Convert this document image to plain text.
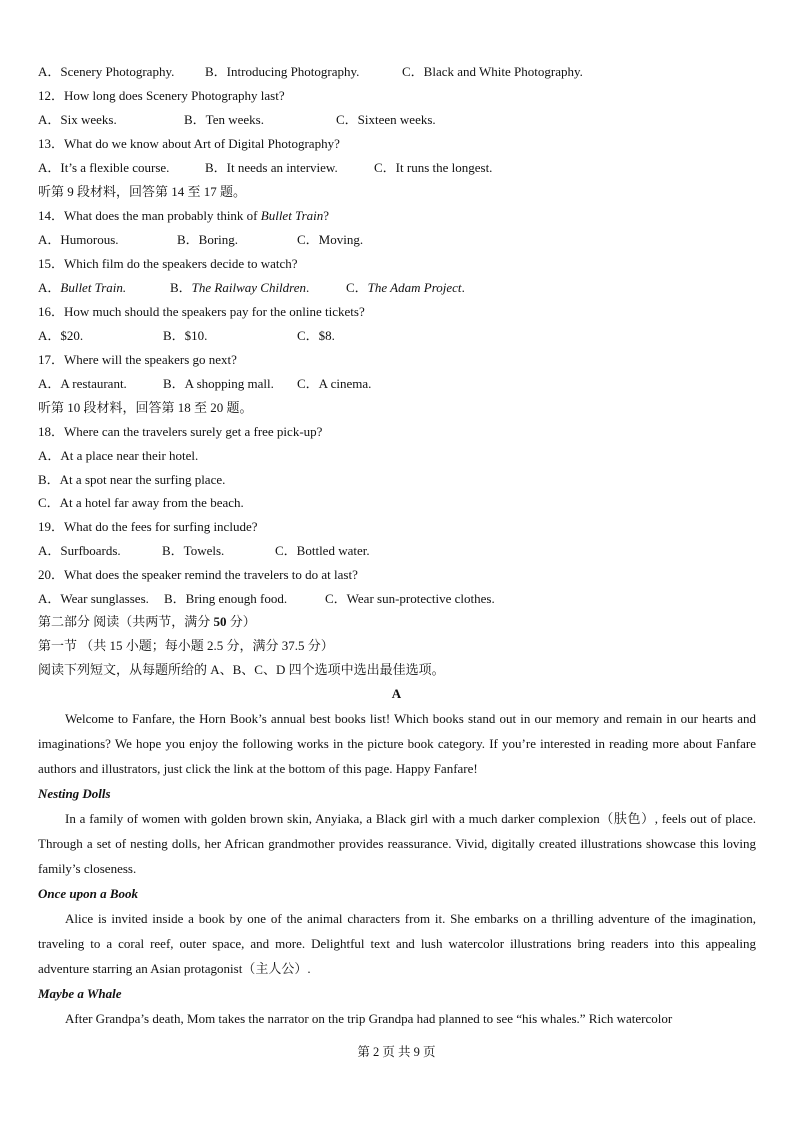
A．Scenery Photography. B．Introducing Photography.	C．Black and White Photography.
12．How long does Scenery Photography last?
A．Six weeks.	B．Ten weeks.	C．Sixteen weeks.
13．What do we know about Art of Digital Photography?
A．It’s a flexible course.	B．It needs an interview.	C．It runs the longest.
听第 9 段材料，回答第 14 至 17 题。
14．What does the man probably think of Bullet Train?
A．Humorous.	B．Boring.	C．Moving.
15．Which film do the speakers decide to watch?
A．Bullet Train.	B．The Railway Children.	C．The Adam Project.
16．How much should the speakers pay for the online tickets?
A．$20.	B．$10.	C．$8.
17．Where will the speakers go next?
A．A restaurant.	B．A shopping mall. C．A cinema.
听第 10 段材料，回答第 18 至 20 题。
18．Where can the travelers surely get a free pick-up?
A．At a place near their hotel.
B．At a spot near the surfing place.
C．At a hotel far away from the beach.
19．What do the fees for surfing include?
A．Surfboards.	B．Towels.	C．Bottled water.
20．What does the speaker remind the travelers to do at last?
A．Wear sunglasses. B．Bring enough food.	C．Wear sun-protective clothes.
第二部分 阅读（共两节，满分 50 分）
第一节 （共 15 小题；每小题 2.5 分，满分 37.5 分）
阅读下列短文，从每题所给的 A、B、C、D 四个选项中选出最佳选项。
A
Welcome to Fanfare, the Horn Book’s annual best books list! Which books stand out in our memory and remain in our hearts and imaginations? We hope you enjoy the following works in the picture book category. If you’re interested in reading more about Fanfare authors and illustrators, just click the link at the bottom of this page. Happy Fanfare!
Nesting Dolls
In a family of women with golden brown skin, Anyiaka, a Black girl with a much darker complexion（肤色）, feels out of place. Through a set of nesting dolls, her African grandmother provides reassurance. Vivid, digitally created illustrations showcase this loving family’s closeness.
Once upon a Book
Alice is invited inside a book by one of the animal characters from it. She embarks on a thrilling adventure of the imagination, traveling to a coral reef, outer space, and more. Delightful text and lush watercolor illustrations bring readers into this appealing adventure starring an Asian protagonist（主人公）.
Maybe a Whale
After Grandpa’s death, Mom takes the narrator on the trip Grandpa had planned to see “his whales.” Rich watercolor
第 2 页 共 9 页
